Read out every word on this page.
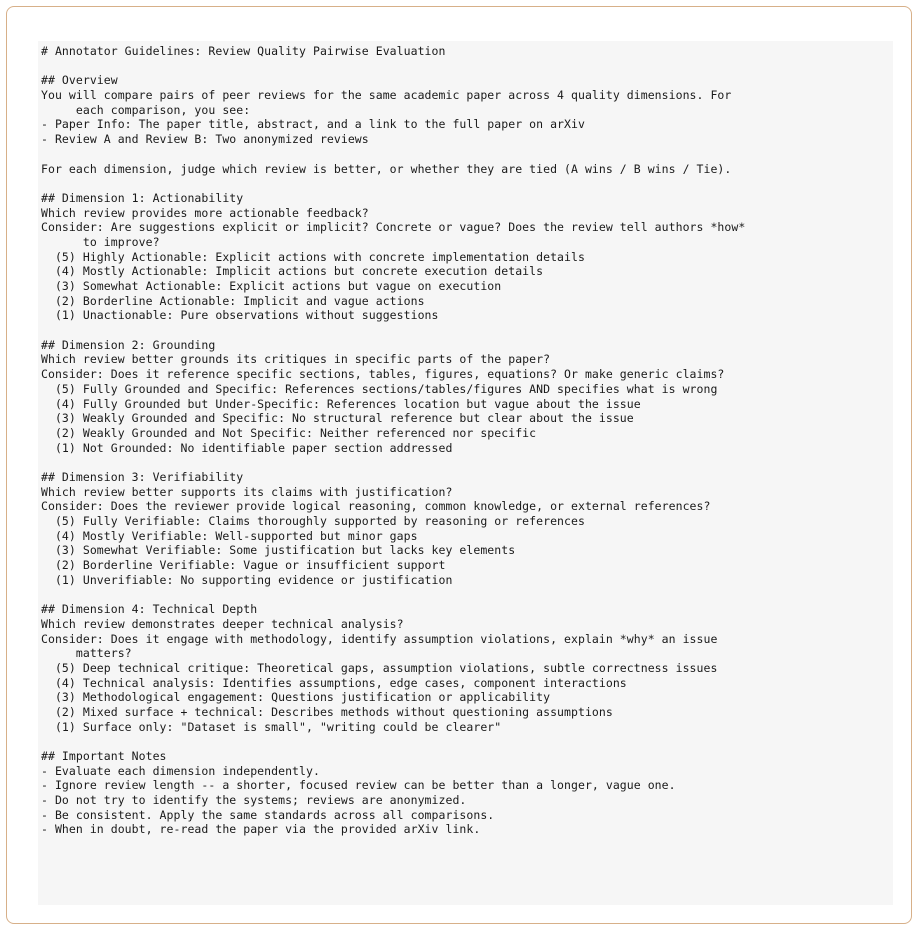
# Annotator Guidelines: Review Quality Pairwise Evaluation
## Overview
You will compare pairs of peer reviews for the same academic paper across 4 quality dimensions. For
each comparison, you see:
- Paper Info: The paper title, abstract, and a link to the full paper on arXiv
- Review A and Review B: Two anonymized reviews
For each dimension, judge which review is better, or whether they are tied (A wins / B wins / Tie).
## Dimension 1: Actionability
Which review provides more actionable feedback?
Consider: Are suggestions explicit or implicit? Concrete or vague? Does the review tell authors *how*
to improve?
(5) Highly Actionable: Explicit actions with concrete implementation details
(4) Mostly Actionable: Implicit actions but concrete execution details
(3) Somewhat Actionable: Explicit actions but vague on execution
(2) Borderline Actionable: Implicit and vague actions
(1) Unactionable: Pure observations without suggestions
## Dimension 2: Grounding
Which review better grounds its critiques in specific parts of the paper?
Consider: Does it reference specific sections, tables, figures, equations? Or make generic claims?
(5) Fully Grounded and Specific: References sections/tables/figures AND specifies what is wrong
(4) Fully Grounded but Under-Specific: References location but vague about the issue
(3) Weakly Grounded and Specific: No structural reference but clear about the issue
(2) Weakly Grounded and Not Specific: Neither referenced nor specific
(1) Not Grounded: No identifiable paper section addressed
## Dimension 3: Verifiability
Which review better supports its claims with justification?
Consider: Does the reviewer provide logical reasoning, common knowledge, or external references?
(5) Fully Verifiable: Claims thoroughly supported by reasoning or references
(4) Mostly Verifiable: Well-supported but minor gaps
(3) Somewhat Verifiable: Some justification but lacks key elements
(2) Borderline Verifiable: Vague or insufficient support
(1) Unverifiable: No supporting evidence or justification
## Dimension 4: Technical Depth
Which review demonstrates deeper technical analysis?
Consider: Does it engage with methodology, identify assumption violations, explain *why* an issue
matters?
(5) Deep technical critique: Theoretical gaps, assumption violations, subtle correctness issues
(4) Technical analysis: Identifies assumptions, edge cases, component interactions
(3) Methodological engagement: Questions justification or applicability
(2) Mixed surface + technical: Describes methods without questioning assumptions
(1) Surface only: "Dataset is small", "writing could be clearer"
## Important Notes
- Evaluate each dimension independently.
- Ignore review length -- a shorter, focused review can be better than a longer, vague one.
- Do not try to identify the systems; reviews are anonymized.
- Be consistent. Apply the same standards across all comparisons.
- When in doubt, re-read the paper via the provided arXiv link.
